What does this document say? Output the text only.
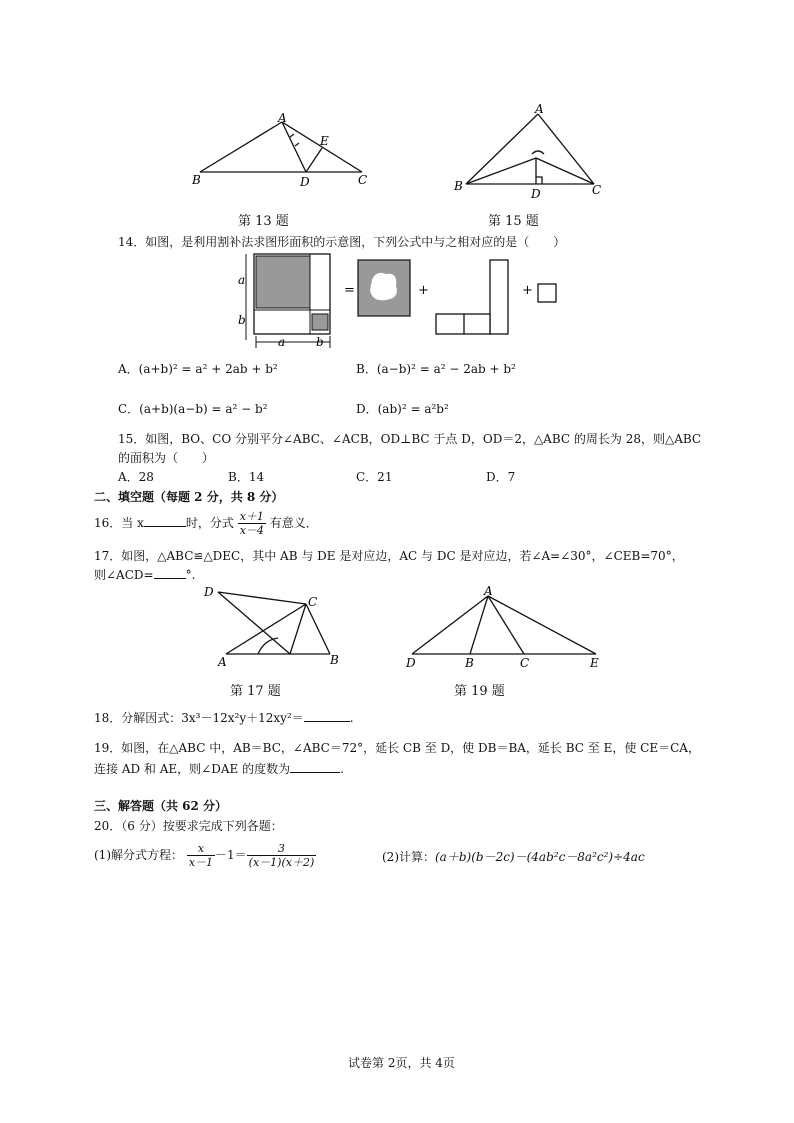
A
E
B	D	C
第 13 题
A
B
D	C
第 15 题
14．如图，是利用割补法求图形面积的示意图，下列公式中与之相对应的是（　　）
a
b
a	b
=	+	+
A．(a+b)² = a² + 2ab + b²	B．(a−b)² = a² − 2ab + b²
C．(a+b)(a−b) = a² − b²	D．(ab)² = a²b²
15．如图，BO、CO 分别平分∠ABC、∠ACB，OD⊥BC 于点 D，OD＝2，△ABC 的周长为 28，则△ABC
的面积为（　　）
A．28	B．14	C．21	D．7
二、填空题（每题 2 分，共 8 分）
16．当 x	时，分式 $\frac{x+1}{x-4}$ 有意义．
17．如图，△ABC≌△DEC，其中 AB 与 DE 是对应边，AC 与 DC 是对应边，若∠A=∠30°，∠CEB=70°，
则∠ACD=	°.
D
C
A	B
第 17 题
A
D	B	C	E
第 19 题
18．分解因式：3x³－12x²y＋12xy²＝	.
19．如图，在△ABC 中，AB＝BC，∠ABC＝72°，延长 CB 至 D，使 DB＝BA，延长 BC 至 E，使 CE＝CA，
连接 AD 和 AE，则∠DAE 的度数为	.
三、解答题（共 62 分）
20．（6 分）按要求完成下列各题：
(1)解分式方程： $\frac{x}{x-1} -1= \frac{3}{(x-1)(x+2)}$	(2)计算：(a＋b)(b－2c)－(4ab²c－8a²c²)÷4ac
试卷第 2页，共 4页
